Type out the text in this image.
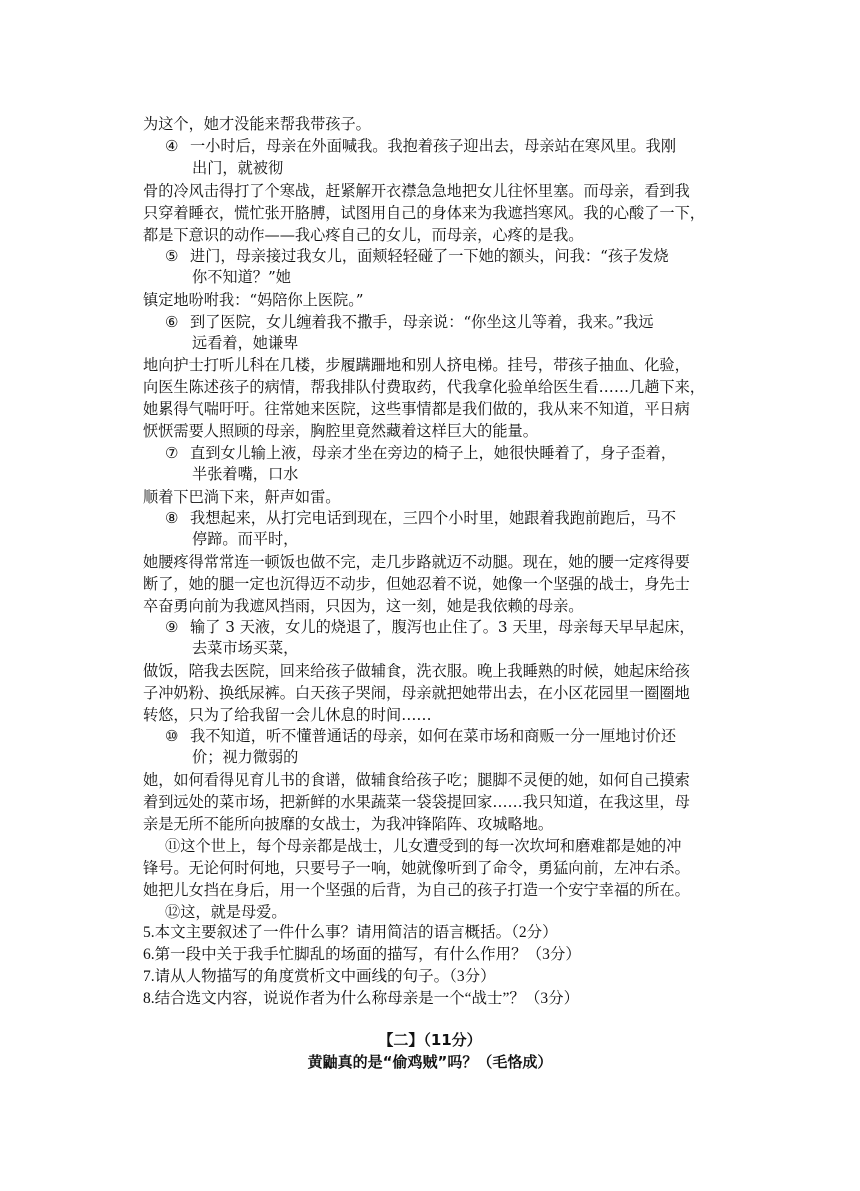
为这个，她才没能来帮我带孩子。
④ 一小时后，母亲在外面喊我。我抱着孩子迎出去，母亲站在寒风里。我刚
出门，就被彻
骨的冷风击得打了个寒战，赶紧解开衣襟急急地把女儿往怀里塞。而母亲，看到我
只穿着睡衣，慌忙张开胳膊，试图用自己的身体来为我遮挡寒风。我的心酸了一下，
都是下意识的动作——我心疼自己的女儿，而母亲，心疼的是我。
⑤ 进门，母亲接过我女儿，面颊轻轻碰了一下她的额头，问我：“孩子发烧
你不知道？”她
镇定地吩咐我：“妈陪你上医院。”
⑥ 到了医院，女儿缠着我不撒手，母亲说：“你坐这儿等着，我来。”我远
远看着，她谦卑
地向护士打听儿科在几楼，步履蹒跚地和别人挤电梯。挂号，带孩子抽血、化验，
向医生陈述孩子的病情，帮我排队付费取药，代我拿化验单给医生看……几趟下来，
她累得气喘吁吁。往常她来医院，这些事情都是我们做的，我从来不知道，平日病
恹恹需要人照顾的母亲，胸腔里竟然藏着这样巨大的能量。
⑦ 直到女儿输上液，母亲才坐在旁边的椅子上，她很快睡着了，身子歪着，
半张着嘴，口水
顺着下巴淌下来，鼾声如雷。
⑧ 我想起来，从打完电话到现在，三四个小时里，她跟着我跑前跑后，马不
停蹄。而平时，
她腰疼得常常连一顿饭也做不完，走几步路就迈不动腿。现在，她的腰一定疼得要
断了，她的腿一定也沉得迈不动步，但她忍着不说，她像一个坚强的战士，身先士
卒奋勇向前为我遮风挡雨，只因为，这一刻，她是我依赖的母亲。
⑨ 输了 3 天液，女儿的烧退了，腹泻也止住了。3 天里，母亲每天早早起床，
去菜市场买菜，
做饭，陪我去医院，回来给孩子做辅食，洗衣服。晚上我睡熟的时候，她起床给孩
子冲奶粉、换纸尿裤。白天孩子哭闹，母亲就把她带出去，在小区花园里一圈圈地
转悠，只为了给我留一会儿休息的时间……
⑩ 我不知道，听不懂普通话的母亲，如何在菜市场和商贩一分一厘地讨价还
价；视力微弱的
她，如何看得见育儿书的食谱，做辅食给孩子吃；腿脚不灵便的她，如何自己摸索
着到远处的菜市场，把新鲜的水果蔬菜一袋袋提回家……我只知道，在我这里，母
亲是无所不能所向披靡的女战士，为我冲锋陷阵、攻城略地。
⑪这个世上，每个母亲都是战士，儿女遭受到的每一次坎坷和磨难都是她的冲
锋号。无论何时何地，只要号子一响，她就像听到了命令，勇猛向前，左冲右杀。
她把儿女挡在身后，用一个坚强的后背，为自己的孩子打造一个安宁幸福的所在。
⑫这，就是母爱。
5.本文主要叙述了一件什么事？请用简洁的语言概括。（2分）
6.第一段中关于我手忙脚乱的场面的描写，有什么作用？（3分）
7.请从人物描写的角度赏析文中画线的句子。（3分）
8.结合选文内容，说说作者为什么称母亲是一个“战士”？（3分）
【二】（11分）
黄鼬真的是“偷鸡贼”吗？（毛恪成）
